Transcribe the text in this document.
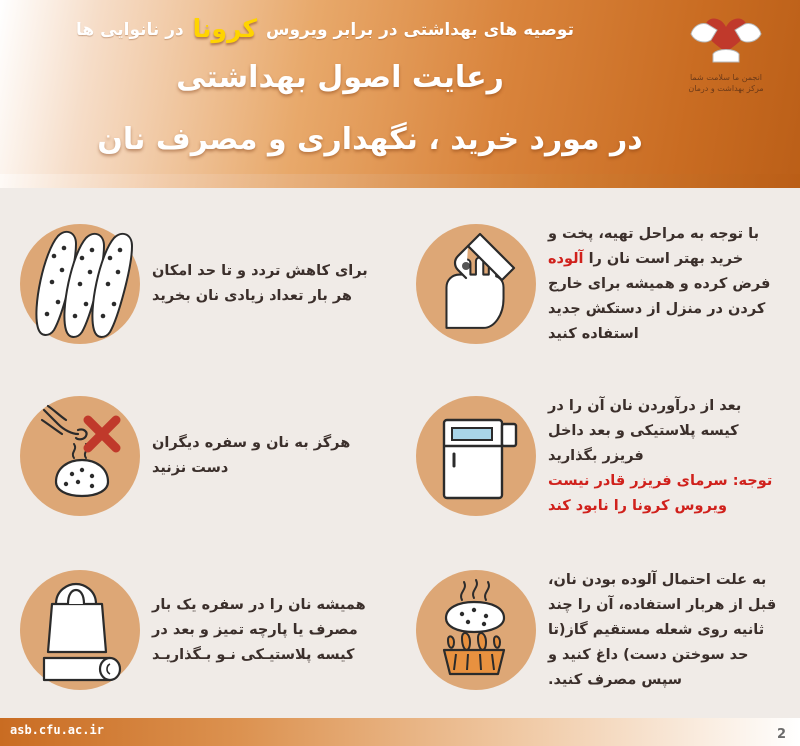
انجمن ما سلامت شما
مرکز بهداشت و درمان
توصیه های بهداشتی در برابر ویروس کرونا در نانوایی ها
رعایت اصول بهداشتی
در مورد خرید ، نگهداری و مصرف نان
با توجه به مراحل تهیه، پخت و خرید بهتر است نان را آلوده فرض کرده و همیشه برای خارج کردن در منزل از دستکش جدید استفاده کنید
برای کاهش تردد و تا حد امکان هر بار تعداد زیادی نان بخرید
بعد از درآوردن نان آن را در کیسه پلاستیکی و بعد داخل فریزر بگذارید
توجه: سرمای فریزر قادر نیست ویروس کرونا را نابود کند
هرگز به نان و سفره دیگران دست نزنید
به علت احتمال آلوده بودن نان، قبل از هربار استفاده، آن را چند ثانیه روی شعله مستقیم گاز(تا حد سوختن دست) داغ کنید و سپس مصرف کنید.
همیشه نان را در سفره یک بار مصرف یا پارچه تمیز و بعد در کیسه پلاستیـکی نـو بـگذاریـد
asb.cfu.ac.ir	2
